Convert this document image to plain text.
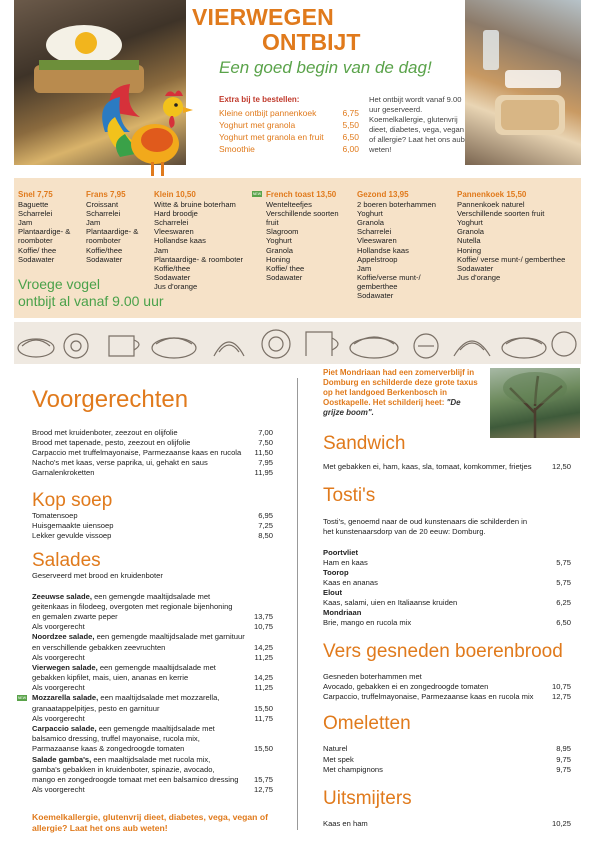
VIERWEGEN
ONTBIJT
Een goed begin van de dag!
Extra bij te bestellen:
Kleine ontbijt pannenkoek	6,75
Yoghurt met granola	5,50
Yoghurt met granola en fruit 6,50
Smoothie	6,00
Het ontbijt wordt vanaf 9.00 uur geserveerd. Koemelkallergie, glutenvrij dieet, diabetes, vega, vegan of allergie? Laat het ons aub weten!
Snel 7,75
Baguette
Scharrelei
Jam
Plantaardige- &
roomboter
Koffie/ thee
Sodawater
Frans 7,95
Croissant
Scharrelei
Jam
Plantaardige- &
roomboter
Koffie/thee
Sodawater
Klein 10,50
Witte & bruine boterham
Hard broodje
Scharrelei
Vleeswaren
Hollandse kaas
Jam
Plantaardige- & roomboter
Koffie/thee
Sodawater
Jus d'orange
NEW French toast 13,50
Wentelteefjes
Verschillende soorten
fruit
Slagroom
Yoghurt
Granola
Honing
Koffie/ thee
Sodawater
Gezond 13,95
2 boeren boterhammen
Yoghurt
Granola
Scharrelei
Vleeswaren
Hollandse kaas
Appelstroop
Jam
Koffie/verse munt-/
gemberthee
Sodawater
Pannenkoek 15,50
Pannenkoek naturel
Verschillende soorten fruit
Yoghurt
Granola
Nutella
Honing
Koffie/ verse munt-/ gemberthee
Sodawater
Jus d'orange
Vroege vogel
ontbijt al vanaf 9.00 uur
Voorgerechten
Brood met kruidenboter, zeezout en olijfolie	7,00
Brood met tapenade, pesto, zeezout en olijfolie	7,50
Carpaccio met truffelmayonaise, Parmezaanse kaas en rucola	11,50
Nacho's met kaas, verse paprika, ui, gehakt en saus	7,95
Garnalenkroketten	11,95
Kop soep
Tomatensoep	6,95
Huisgemaakte uiensoep	7,25
Lekker gevulde vissoep	8,50
Salades
Geserveerd met brood en kruidenboter
Zeeuwse salade, een gemengde maaltijdsalade met
geitenkaas in filodeeg, overgoten met regionale bijenhoning
en gemalen zwarte peper	13,75
Als voorgerecht	10,75
Noordzee salade, een gemengde maaltijdsalade met garnituur
en verschillende gebakken zeevruchten	14,25
Als voorgerecht	11,25
Vierwegen salade, een gemengde maaltijdsalade met
gebakken kipfilet, mais, uien, ananas en kerrie	14,25
Als voorgerecht	11,25
NEW Mozzarella salade, een maaltijdsalade met mozzarella,
granaatappelpitjes, pesto en garnituur	15,50
Als voorgerecht	11,75
Carpaccio salade, een gemengde maaltijdsalade met
balsamico dressing, truffel mayonaise, rucola mix,
Parmazaanse kaas & zongedroogde tomaten	15,50
Salade gamba's, een maaltijdsalade met rucola mix,
gamba's gebakken in kruidenboter, spinazie, avocado,
mango en zongedroogde tomaat met een balsamico dressing	15,75
Als voorgerecht	12,75
Koemelkallergie, glutenvrij dieet, diabetes, vega, vegan of allergie? Laat het ons aub weten!
Piet Mondriaan had een zomerverblijf in Domburg en schilderde deze grote taxus op het landgoed Berkenbosch in Oostkapelle. Het schilderij heet: "De grijze boom".
Sandwich
Met gebakken ei, ham, kaas, sla, tomaat, komkommer, frietjes	12,50
Tosti's
Tosti's, genoemd naar de oud kunstenaars die schilderden in
het kunstenaarsdorp van de 20 eeuw: Domburg.
Poortvliet
Ham en kaas	5,75
Toorop
Kaas en ananas	5,75
Elout
Kaas, salami, uien en Italiaanse kruiden	6,25
Mondriaan
Brie, mango en rucola mix	6,50
Vers gesneden boerenbrood
Gesneden boterhammen met
Avocado, gebakken ei en zongedroogde tomaten	10,75
Carpaccio, truffelmayonaise, Parmezaanse kaas en rucola mix	12,75
Omeletten
Naturel	8,95
Met spek	9,75
Met champignons	9,75
Uitsmijters
Kaas en ham	10,25
